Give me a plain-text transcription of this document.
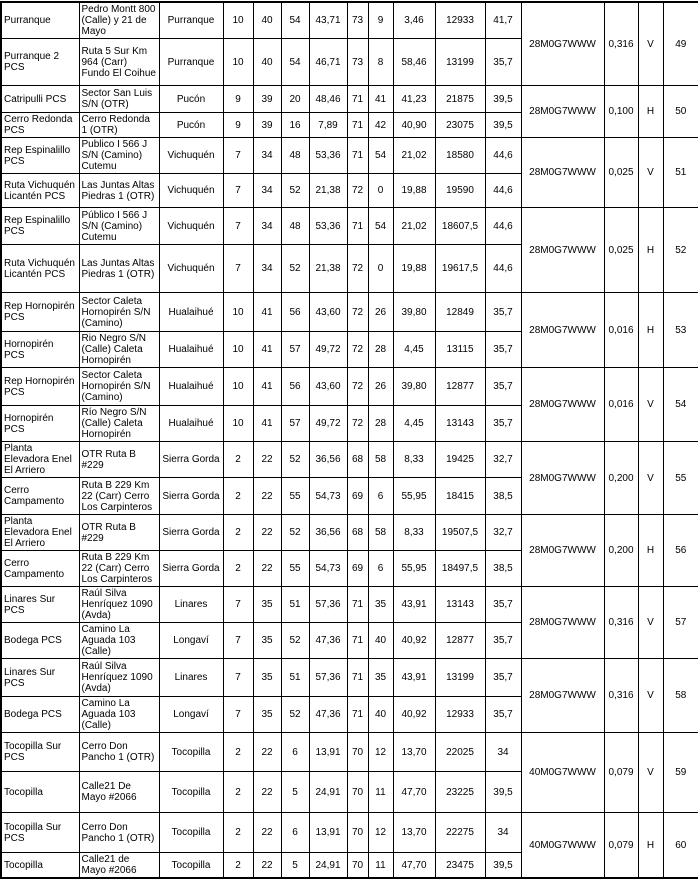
Purranque	Pedro Montt 800 (Calle) y 21 de Mayo	Purranque	10	40	54	43,71	73	9	3,46	12933	41,7	28M0G7WWW	0,316	V	49
Purranque 2 PCS	Ruta 5 Sur Km 964 (Carr) Fundo El Coihue	Purranque	10	40	54	46,71	73	8	58,46	13199	35,7				
Catripulli PCS	Sector San Luis S/N (OTR)	Pucón	9	39	20	48,46	71	41	41,23	21875	39,5	28M0G7WWW	0,100	H	50
Cerro Redonda PCS	Cerro Redonda 1 (OTR)	Pucón	9	39	16	7,89	71	42	40,90	23075	39,5				
Rep Espinalillo PCS	Publico I 566 J S/N (Camino) Cutemu	Vichuquén	7	34	48	53,36	71	54	21,02	18580	44,6	28M0G7WWW	0,025	V	51
Ruta Vichuquén Licantén PCS	Las Juntas Altas Piedras 1 (OTR)	Vichuquén	7	34	52	21,38	72	0	19,88	19590	44,6				
Rep Espinalillo PCS	Público I 566 J S/N (Camino) Cutemu	Vichuquén	7	34	48	53,36	71	54	21,02	18607,5	44,6	28M0G7WWW	0,025	H	52
Ruta Vichuquén Licantén PCS	Las Juntas Altas Piedras 1 (OTR)	Vichuquén	7	34	52	21,38	72	0	19,88	19617,5	44,6				
Rep Hornopirén PCS	Sector Caleta Hornopirén S/N (Camino)	Hualaihué	10	41	56	43,60	72	26	39,80	12849	35,7	28M0G7WWW	0,016	H	53
Hornopirén PCS	Rio Negro S/N (Calle) Caleta Hornopirén	Hualaihué	10	41	57	49,72	72	28	4,45	13115	35,7				
Rep Hornopirén PCS	Sector Caleta Hornopirén S/N (Camino)	Hualaihué	10	41	56	43,60	72	26	39,80	12877	35,7	28M0G7WWW	0,016	V	54
Hornopirén PCS	Río Negro S/N (Calle) Caleta Hornopirén	Hualaihué	10	41	57	49,72	72	28	4,45	13143	35,7				
Planta Elevadora Enel El Arriero	OTR Ruta B #229	Sierra Gorda	2	22	52	36,56	68	58	8,33	19425	32,7	28M0G7WWW	0,200	V	55
Cerro Campamento	Ruta B 229 Km 22 (Carr) Cerro Los Carpinteros	Sierra Gorda	2	22	55	54,73	69	6	55,95	18415	38,5				
Planta Elevadora Enel El Arriero	OTR Ruta B #229	Sierra Gorda	2	22	52	36,56	68	58	8,33	19507,5	32,7	28M0G7WWW	0,200	H	56
Cerro Campamento	Ruta B 229 Km 22 (Carr) Cerro Los Carpinteros	Sierra Gorda	2	22	55	54,73	69	6	55,95	18497,5	38,5				
Linares Sur PCS	Raúl Silva Henríquez 1090 (Avda)	Linares	7	35	51	57,36	71	35	43,91	13143	35,7	28M0G7WWW	0,316	V	57
Bodega PCS	Camino La Aguada 103 (Calle)	Longaví	7	35	52	47,36	71	40	40,92	12877	35,7				
Linares Sur PCS	Raúl Silva Henríquez 1090 (Avda)	Linares	7	35	51	57,36	71	35	43,91	13199	35,7	28M0G7WWW	0,316	V	58
Bodega PCS	Camino La Aguada 103 (Calle)	Longaví	7	35	52	47,36	71	40	40,92	12933	35,7				
Tocopilla Sur PCS	Cerro Don Pancho 1 (OTR)	Tocopilla	2	22	6	13,91	70	12	13,70	22025	34	40M0G7WWW	0,079	V	59
Tocopilla	Calle21 De Mayo #2066	Tocopilla	2	22	5	24,91	70	11	47,70	23225	39,5				
Tocopilla Sur PCS	Cerro Don Pancho 1 (OTR)	Tocopilla	2	22	6	13,91	70	12	13,70	22275	34	40M0G7WWW	0,079	H	60
Tocopilla	Calle21 de Mayo #2066	Tocopilla	2	22	5	24,91	70	11	47,70	23475	39,5				
